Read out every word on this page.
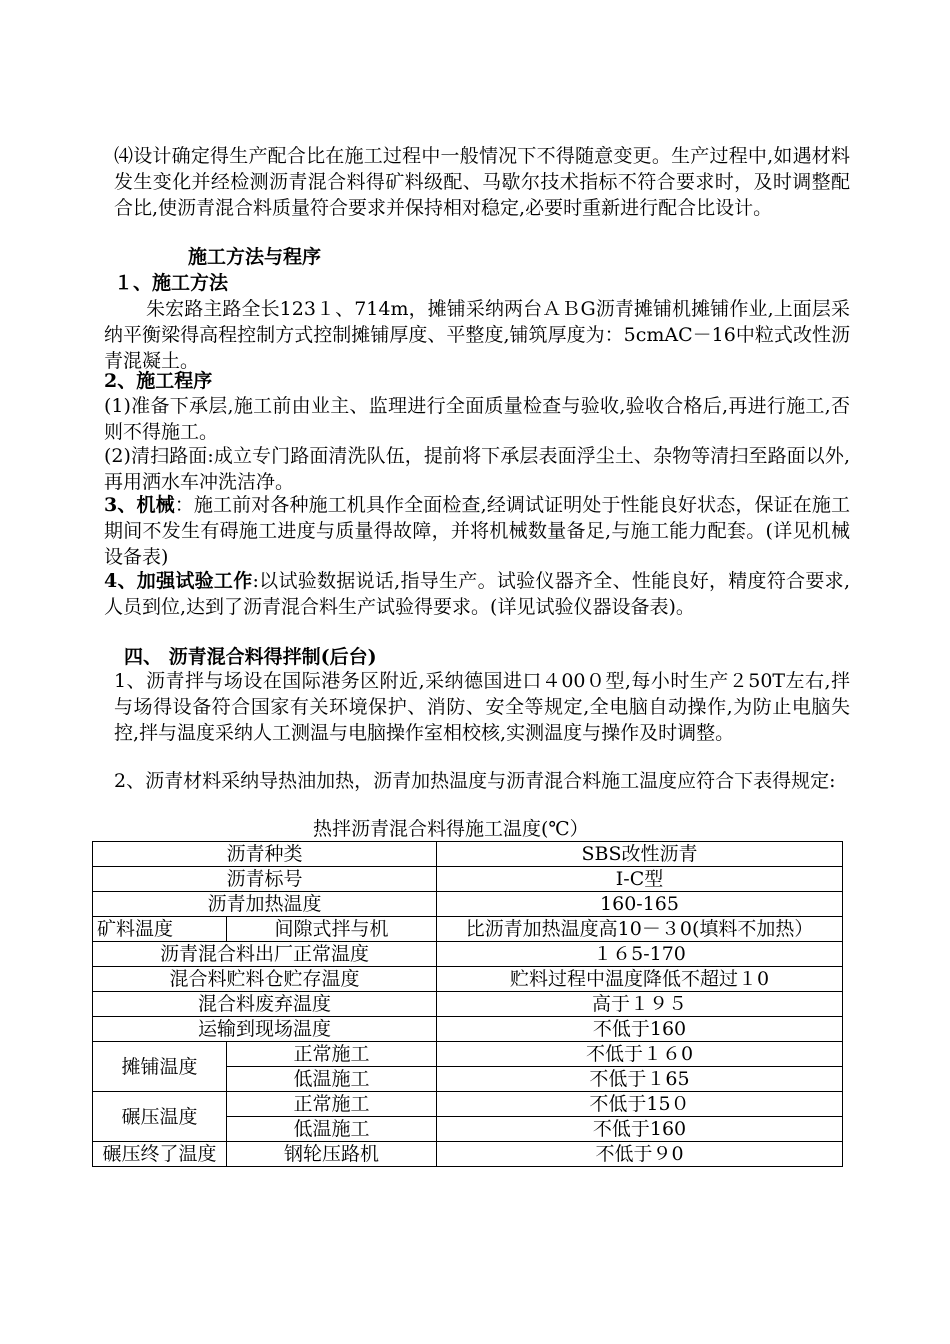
⑷设计确定得生产配合比在施工过程中一般情况下不得随意变更。生产过程中,如遇材料发生变化并经检测沥青混合料得矿料级配、马歇尔技术指标不符合要求时，及时调整配合比,使沥青混合料质量符合要求并保持相对稳定,必要时重新进行配合比设计。

施工方法与程序

１、施工方法

朱宏路主路全长123１、714m，摊铺采纳两台ＡＢG沥青摊铺机摊铺作业,上面层采纳平衡梁得高程控制方式控制摊铺厚度、平整度,铺筑厚度为：5cmAC－16中粒式改性沥青混凝土。

2、施工程序

(1)准备下承层,施工前由业主、监理进行全面质量检查与验收,验收合格后,再进行施工,否则不得施工。

(2)清扫路面:成立专门路面清洗队伍，提前将下承层表面浮尘土、杂物等清扫至路面以外,再用洒水车冲洗洁净。

3、机械：施工前对各种施工机具作全面检查,经调试证明处于性能良好状态，保证在施工期间不发生有碍施工进度与质量得故障，并将机械数量备足,与施工能力配套。(详见机械设备表)

4、加强试验工作:以试验数据说话,指导生产。试验仪器齐全、性能良好，精度符合要求,人员到位,达到了沥青混合料生产试验得要求。(详见试验仪器设备表)。

四、 沥青混合料得拌制(后台)

1、沥青拌与场设在国际港务区附近,采纳德国进口４00０型,每小时生产２50T左右,拌与场得设备符合国家有关环境保护、消防、安全等规定,全电脑自动操作,为防止电脑失控,拌与温度采纳人工测温与电脑操作室相校核,实测温度与操作及时调整。

2、沥青材料采纳导热油加热，沥青加热温度与沥青混合料施工温度应符合下表得规定:

热拌沥青混合料得施工温度(℃）

沥青种类		SBS改性沥青
沥青标号		I-C型
沥青加热温度		160-165
矿料温度	间隙式拌与机	比沥青加热温度高10－３0(填料不加热）
沥青混合料出厂正常温度		１６5-170
混合料贮料仓贮存温度		贮料过程中温度降低不超过１0
混合料废弃温度		高于１９５
运输到现场温度		不低于160
摊铺温度	正常施工	不低于１６0
	低温施工	不低于１65
碾压温度	正常施工	不低于15０
	低温施工	不低于160
碾压终了温度	钢轮压路机	不低于９0
